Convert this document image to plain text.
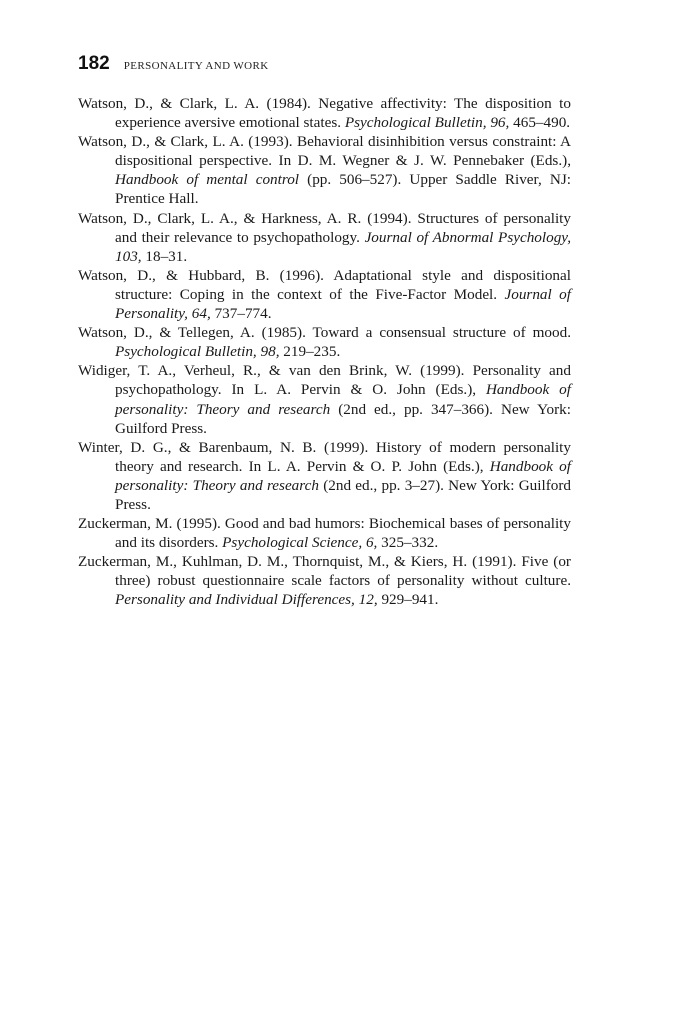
182 PERSONALITY AND WORK

Watson, D., & Clark, L. A. (1984). Negative affectivity: The disposition to experience aversive emotional states. Psychological Bulletin, 96, 465–490.

Watson, D., & Clark, L. A. (1993). Behavioral disinhibition versus constraint: A dispositional perspective. In D. M. Wegner & J. W. Pennebaker (Eds.), Handbook of mental control (pp. 506–527). Upper Saddle River, NJ: Prentice Hall.

Watson, D., Clark, L. A., & Harkness, A. R. (1994). Structures of personality and their relevance to psychopathology. Journal of Abnormal Psychology, 103, 18–31.

Watson, D., & Hubbard, B. (1996). Adaptational style and dispositional structure: Coping in the context of the Five-Factor Model. Journal of Personality, 64, 737–774.

Watson, D., & Tellegen, A. (1985). Toward a consensual structure of mood. Psychological Bulletin, 98, 219–235.

Widiger, T. A., Verheul, R., & van den Brink, W. (1999). Personality and psychopathology. In L. A. Pervin & O. John (Eds.), Handbook of personality: Theory and research (2nd ed., pp. 347–366). New York: Guilford Press.

Winter, D. G., & Barenbaum, N. B. (1999). History of modern personality theory and research. In L. A. Pervin & O. P. John (Eds.), Handbook of personality: Theory and research (2nd ed., pp. 3–27). New York: Guilford Press.

Zuckerman, M. (1995). Good and bad humors: Biochemical bases of personality and its disorders. Psychological Science, 6, 325–332.

Zuckerman, M., Kuhlman, D. M., Thornquist, M., & Kiers, H. (1991). Five (or three) robust questionnaire scale factors of personality without culture. Personality and Individual Differences, 12, 929–941.
